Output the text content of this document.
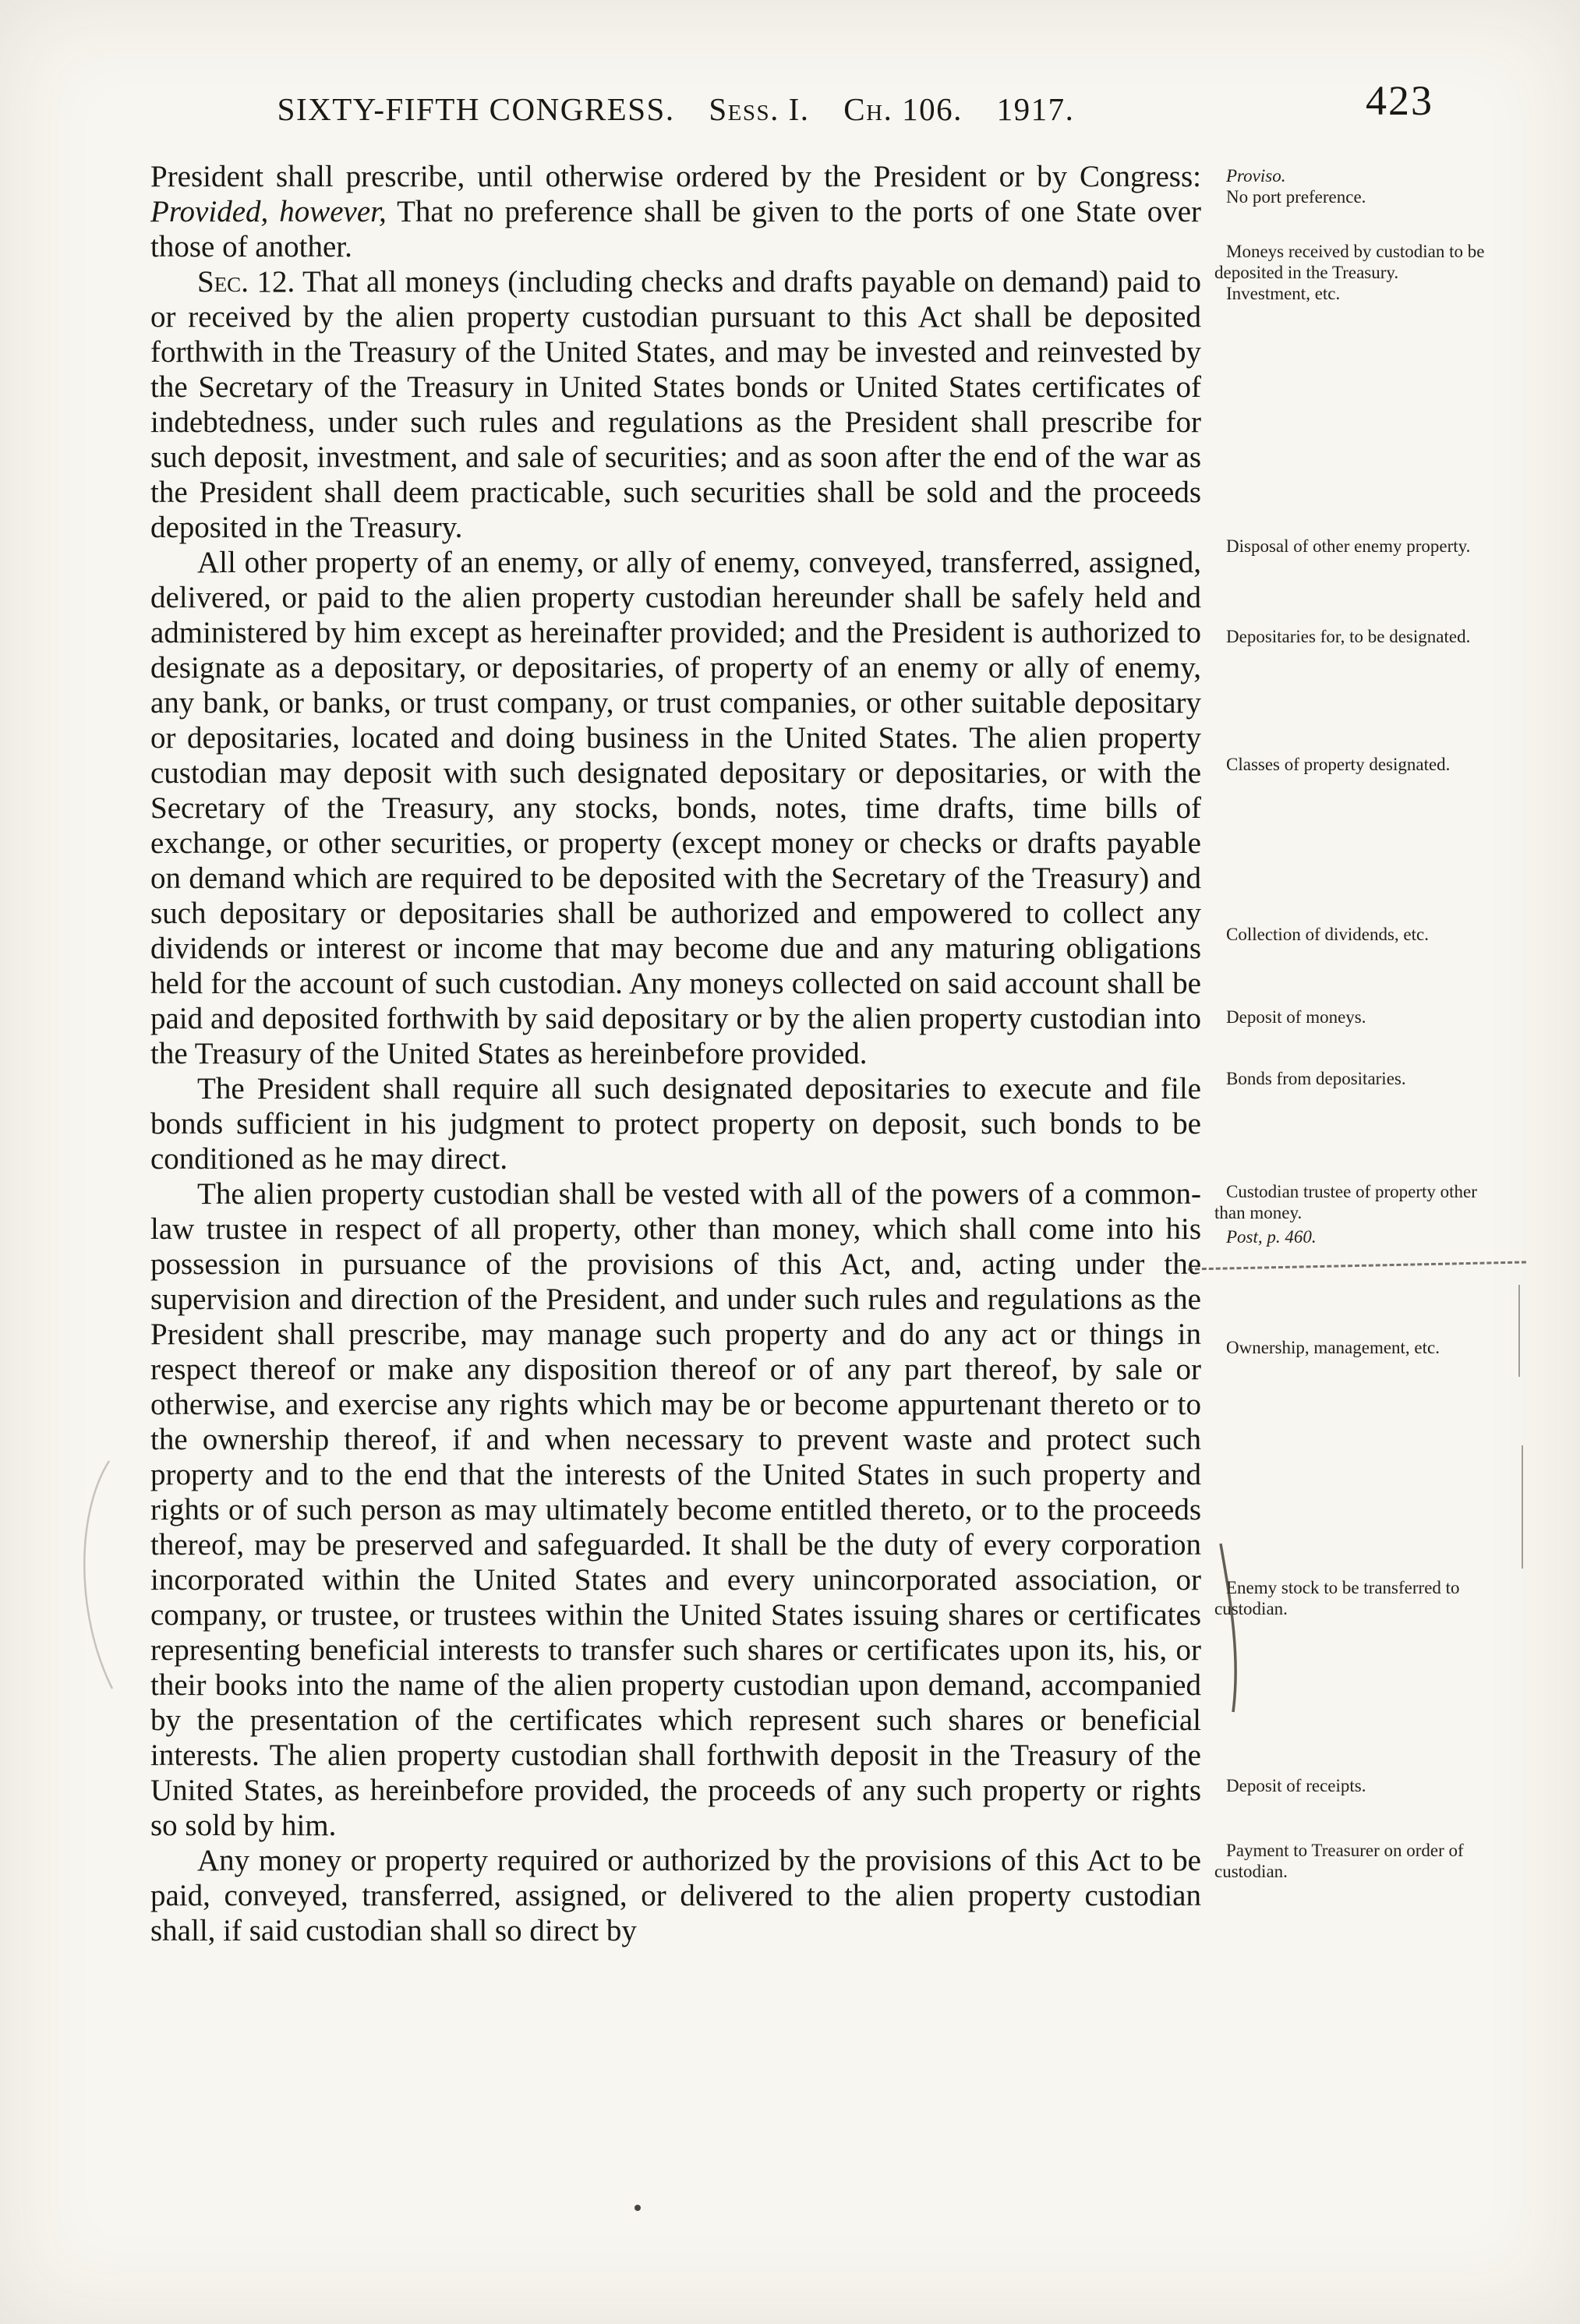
SIXTY-FIFTH CONGRESS. Sess. I. Ch. 106. 1917.	423

President shall prescribe, until otherwise ordered by the President or by Congress: Provided, however, That no preference shall be given to the ports of one State over those of another.
Proviso.
No port preference.

Sec. 12. That all moneys (including checks and drafts payable on demand) paid to or received by the alien property custodian pursuant to this Act shall be deposited forthwith in the Treasury of the United States, and may be invested and reinvested by the Secretary of the Treasury in United States bonds or United States certificates of indebtedness, under such rules and regulations as the President shall prescribe for such deposit, investment, and sale of securities; and as soon after the end of the war as the President shall deem practicable, such securities shall be sold and the proceeds deposited in the Treasury.
Moneys received by custodian to be deposited in the Treasury.
Investment, etc.

All other property of an enemy, or ally of enemy, conveyed, transferred, assigned, delivered, or paid to the alien property custodian hereunder shall be safely held and administered by him except as hereinafter provided; and the President is authorized to designate as a depositary, or depositaries, of property of an enemy or ally of enemy, any bank, or banks, or trust company, or trust companies, or other suitable depositary or depositaries, located and doing business in the United States. The alien property custodian may deposit with such designated depositary or depositaries, or with the Secretary of the Treasury, any stocks, bonds, notes, time drafts, time bills of exchange, or other securities, or property (except money or checks or drafts payable on demand which are required to be deposited with the Secretary of the Treasury) and such depositary or depositaries shall be authorized and empowered to collect any dividends or interest or income that may become due and any maturing obligations held for the account of such custodian. Any moneys collected on said account shall be paid and deposited forthwith by said depositary or by the alien property custodian into the Treasury of the United States as hereinbefore provided.
Disposal of other enemy property.
Depositaries for, to be designated.
Classes of property designated.
Collection of dividends, etc.
Deposit of moneys.

The President shall require all such designated depositaries to execute and file bonds sufficient in his judgment to protect property on deposit, such bonds to be conditioned as he may direct.
Bonds from depositaries.

The alien property custodian shall be vested with all of the powers of a common-law trustee in respect of all property, other than money, which shall come into his possession in pursuance of the provisions of this Act, and, acting under the supervision and direction of the President, and under such rules and regulations as the President shall prescribe, may manage such property and do any act or things in respect thereof or make any disposition thereof or of any part thereof, by sale or otherwise, and exercise any rights which may be or become appurtenant thereto or to the ownership thereof, if and when necessary to prevent waste and protect such property and to the end that the interests of the United States in such property and rights or of such person as may ultimately become entitled thereto, or to the proceeds thereof, may be preserved and safeguarded. It shall be the duty of every corporation incorporated within the United States and every unincorporated association, or company, or trustee, or trustees within the United States issuing shares or certificates representing beneficial interests to transfer such shares or certificates upon its, his, or their books into the name of the alien property custodian upon demand, accompanied by the presentation of the certificates which represent such shares or beneficial interests. The alien property custodian shall forthwith deposit in the Treasury of the United States, as hereinbefore provided, the proceeds of any such property or rights so sold by him.
Custodian trustee of property other than money.
Post, p. 460.
Ownership, management, etc.
Enemy stock to be transferred to custodian.
Deposit of receipts.

Any money or property required or authorized by the provisions of this Act to be paid, conveyed, transferred, assigned, or delivered to the alien property custodian shall, if said custodian shall so direct by
Payment to Treasurer on order of custodian.
